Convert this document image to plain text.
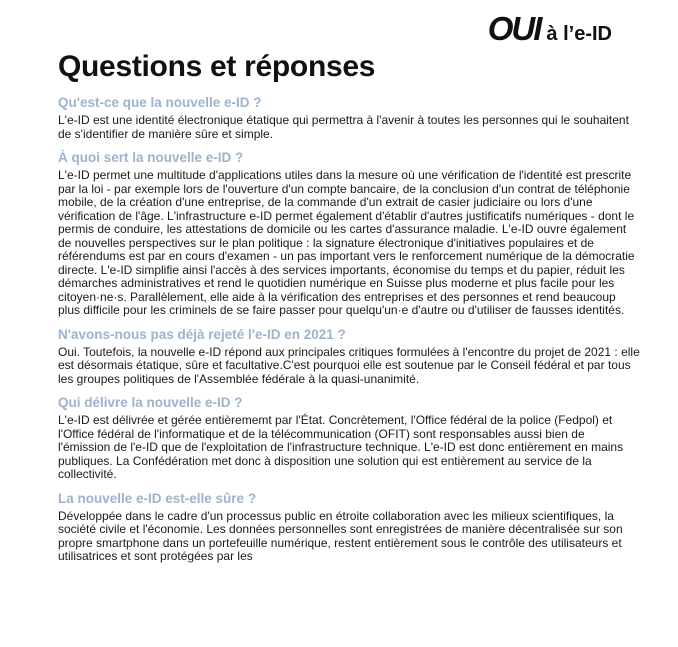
OUI à l’e-ID
Questions et réponses
Qu'est-ce que la nouvelle e-ID ?

L'e-ID est une identité électronique étatique qui permettra à l'avenir à toutes les personnes qui le souhaitent de s'identifier de manière sûre et simple.

À quoi sert la nouvelle e-ID ?

L'e-ID permet une multitude d'applications utiles dans la mesure où une vérification de l'identité est prescrite par la loi - par exemple lors de l'ouverture d'un compte bancaire, de la conclusion d'un contrat de téléphonie mobile, de la création d'une entreprise, de la commande d'un extrait de casier judiciaire ou lors d'une vérification de l'âge. L'infrastructure e-ID permet également d'établir d'autres justificatifs numériques - dont le permis de conduire, les attestations de domicile ou les cartes d'assurance maladie. L'e-ID ouvre également de nouvelles perspectives sur le plan politique : la signature électronique d'initiatives populaires et de référendums est par en cours d'examen - un pas important vers le renforcement numérique de la démocratie directe. L'e-ID simplifie ainsi l'accès à des services importants, économise du temps et du papier, réduit les démarches administratives et rend le quotidien numérique en Suisse plus moderne et plus facile pour les citoyen·ne·s. Parallèlement, elle aide à la vérification des entreprises et des personnes et rend beaucoup plus difficile pour les criminels de se faire passer pour quelqu'un·e d'autre ou d'utiliser de fausses identités.

N'avons-nous pas déjà rejeté l'e-ID en 2021 ?

Oui. Toutefois, la nouvelle e-ID répond aux principales critiques formulées à l'encontre du projet de 2021 : elle est désormais étatique, sûre et facultative.C'est pourquoi elle est soutenue par le Conseil fédéral et par tous les groupes politiques de l'Assemblée fédérale à la quasi-unanimité.

Qui délivre la nouvelle e-ID ?

L'e-ID est délivrée et gérée entièrememt par l'État. Concrètement, l'Office fédéral de la police (Fedpol) et l'Office fédéral de l'informatique et de la télécommunication (OFIT) sont responsables aussi bien de l'émission de l'e-ID que de l'exploitation de l'infrastructure technique. L'e-ID est donc entièrement en mains publiques. La Confédération met donc à disposition une solution qui est entièrement au service de la collectivité.

La nouvelle e-ID est-elle sûre ?

Développée dans le cadre d'un processus public en étroite collaboration avec les milieux scientifiques, la société civile et l'économie. Les données personnelles sont enregistrées de manière décentralisée sur son propre smartphone dans un portefeuille numérique, restent entièrement sous le contrôle des utilisateurs et utilisatrices et sont protégées par les
